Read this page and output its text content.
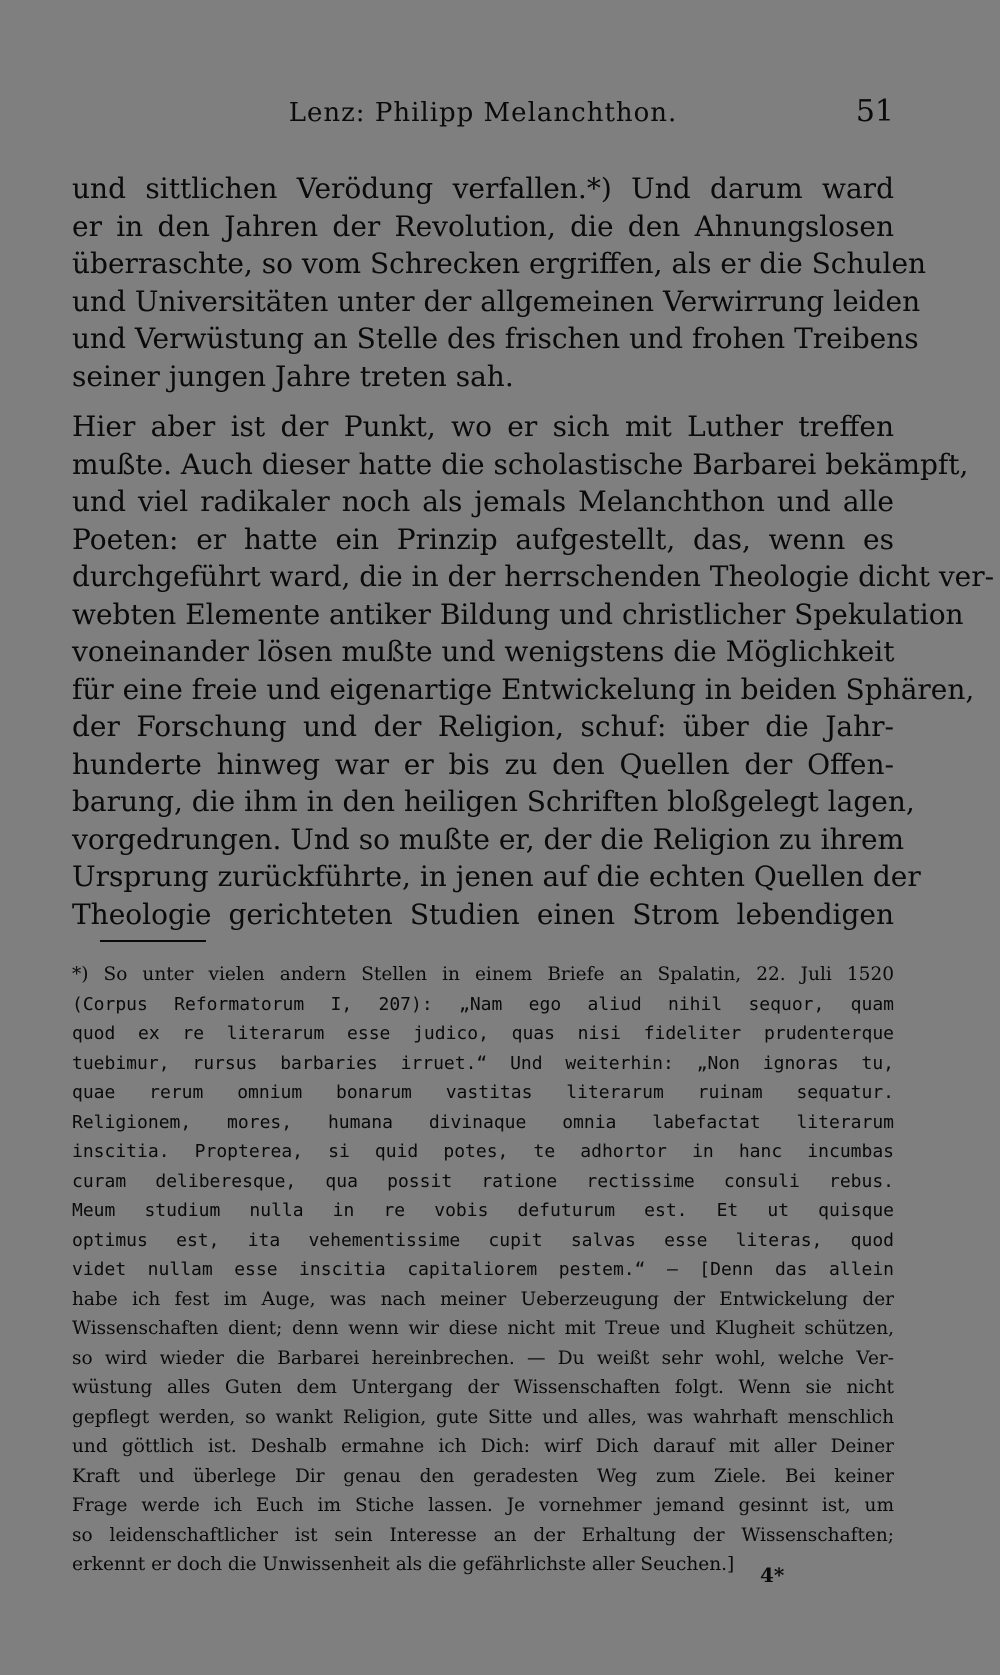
Lenz: Philipp Melanchthon.	51
und sittlichen Verödung verfallen.*) Und darum ward
er in den Jahren der Revolution, die den Ahnungslosen
überraschte, so vom Schrecken ergriffen, als er die Schulen
und Universitäten unter der allgemeinen Verwirrung leiden
und Verwüstung an Stelle des frischen und frohen Treibens
seiner jungen Jahre treten sah.
Hier aber ist der Punkt, wo er sich mit Luther treffen
mußte. Auch dieser hatte die scholastische Barbarei bekämpft,
und viel radikaler noch als jemals Melanchthon und alle
Poeten: er hatte ein Prinzip aufgestellt, das, wenn es
durchgeführt ward, die in der herrschenden Theologie dicht ver-
webten Elemente antiker Bildung und christlicher Spekulation
voneinander lösen mußte und wenigstens die Möglichkeit
für eine freie und eigenartige Entwickelung in beiden Sphären,
der Forschung und der Religion, schuf: über die Jahr-
hunderte hinweg war er bis zu den Quellen der Offen-
barung, die ihm in den heiligen Schriften bloßgelegt lagen,
vorgedrungen. Und so mußte er, der die Religion zu ihrem
Ursprung zurückführte, in jenen auf die echten Quellen der
Theologie gerichteten Studien einen Strom lebendigen
*) So unter vielen andern Stellen in einem Briefe an Spalatin, 22. Juli 1520
(Corpus Reformatorum I, 207): „Nam ego aliud nihil sequor, quam
quod ex re literarum esse judico, quas nisi fideliter prudenterque
tuebimur, rursus barbaries irruet.“ Und weiterhin: „Non ignoras tu,
quae rerum omnium bonarum vastitas literarum ruinam sequatur.
Religionem, mores, humana divinaque omnia labefactat literarum
inscitia. Propterea, si quid potes, te adhortor in hanc incumbas
curam deliberesque, qua possit ratione rectissime consuli rebus.
Meum studium nulla in re vobis defuturum est. Et ut quisque
optimus est, ita vehementissime cupit salvas esse literas, quod
videt nullam esse inscitia capitaliorem pestem.“ — [Denn das allein
habe ich fest im Auge, was nach meiner Ueberzeugung der Entwickelung der
Wissenschaften dient; denn wenn wir diese nicht mit Treue und Klugheit schützen,
so wird wieder die Barbarei hereinbrechen. — Du weißt sehr wohl, welche Ver-
wüstung alles Guten dem Untergang der Wissenschaften folgt. Wenn sie nicht
gepflegt werden, so wankt Religion, gute Sitte und alles, was wahrhaft menschlich
und göttlich ist. Deshalb ermahne ich Dich: wirf Dich darauf mit aller Deiner
Kraft und überlege Dir genau den geradesten Weg zum Ziele. Bei keiner
Frage werde ich Euch im Stiche lassen. Je vornehmer jemand gesinnt ist, um
so leidenschaftlicher ist sein Interesse an der Erhaltung der Wissenschaften;
erkennt er doch die Unwissenheit als die gefährlichste aller Seuchen.]	4*
